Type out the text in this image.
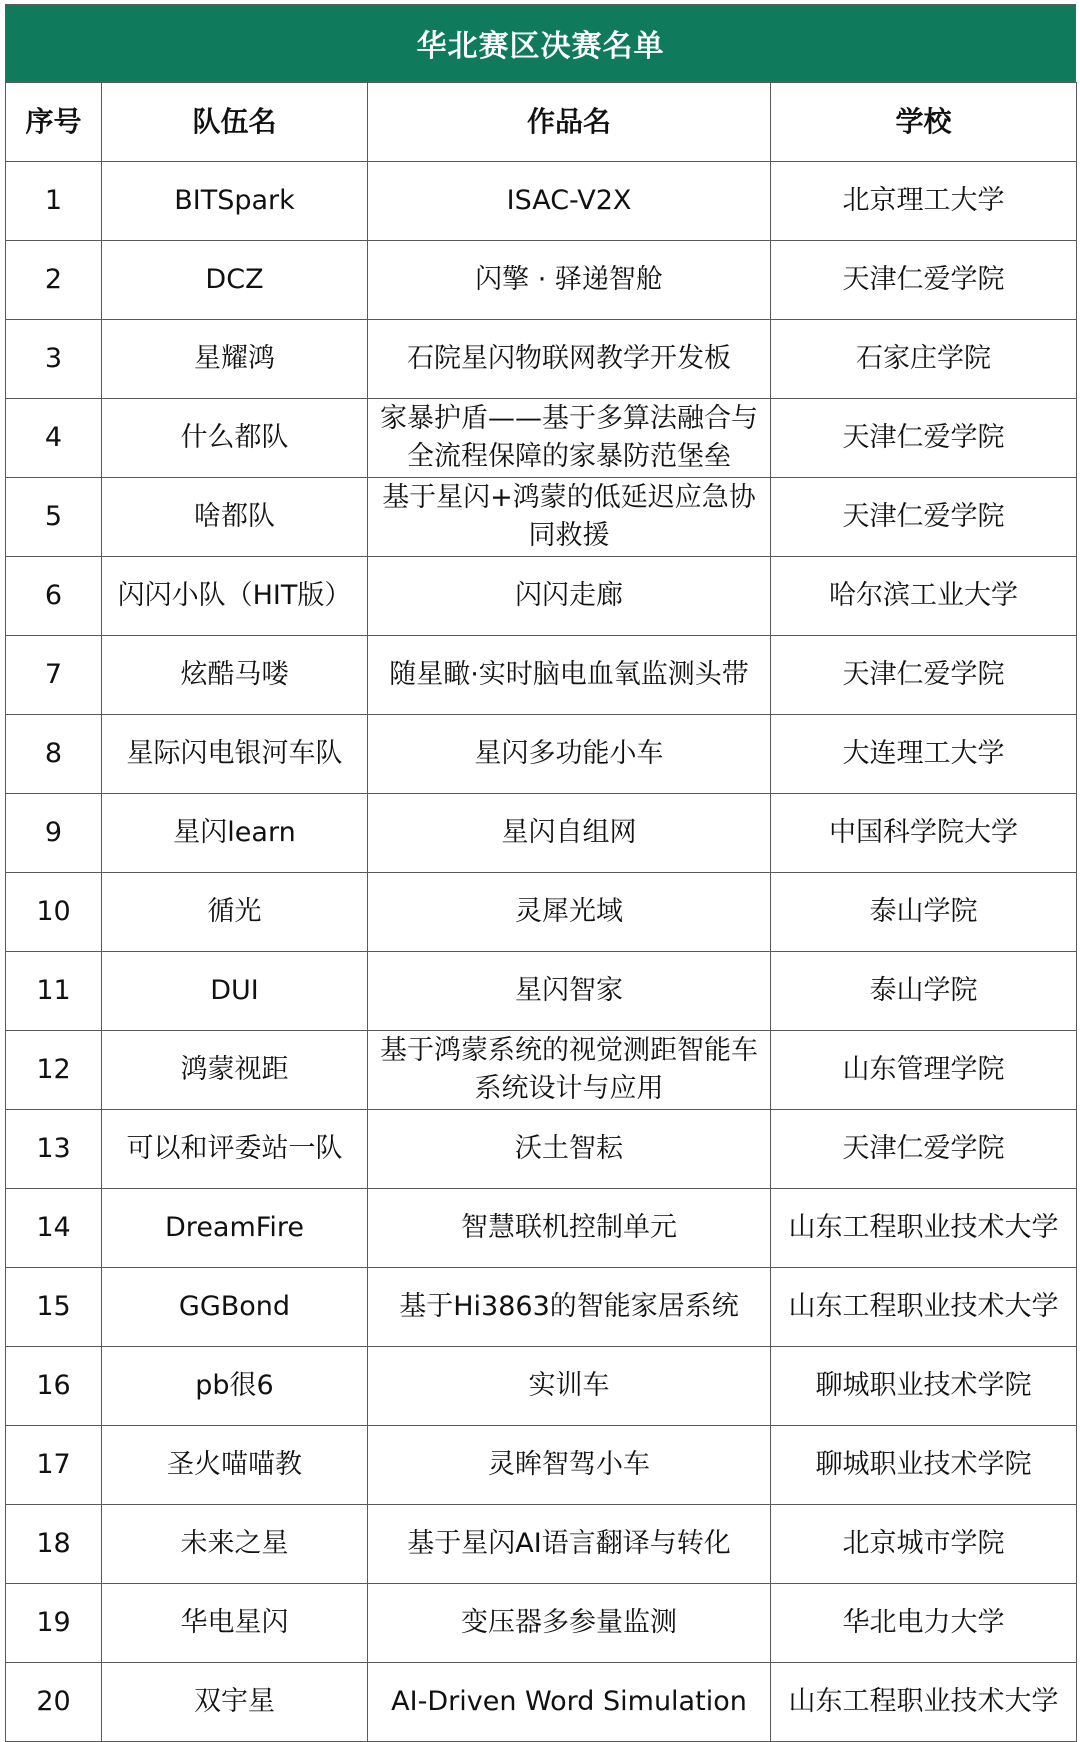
华北赛区决赛名单
序号	队伍名	作品名	学校
1	BITSpark	ISAC-V2X	北京理工大学
2	DCZ	闪擎 · 驿递智舱	天津仁爱学院
3	星耀鸿	石院星闪物联网教学开发板	石家庄学院
4	什么都队	家暴护盾——基于多算法融合与全流程保障的家暴防范堡垒	天津仁爱学院
5	啥都队	基于星闪+鸿蒙的低延迟应急协同救援	天津仁爱学院
6	闪闪小队（HIT版）	闪闪走廊	哈尔滨工业大学
7	炫酷马喽	随星瞰·实时脑电血氧监测头带	天津仁爱学院
8	星际闪电银河车队	星闪多功能小车	大连理工大学
9	星闪learn	星闪自组网	中国科学院大学
10	循光	灵犀光域	泰山学院
11	DUI	星闪智家	泰山学院
12	鸿蒙视距	基于鸿蒙系统的视觉测距智能车系统设计与应用	山东管理学院
13	可以和评委站一队	沃土智耘	天津仁爱学院
14	DreamFire	智慧联机控制单元	山东工程职业技术大学
15	GGBond	基于Hi3863的智能家居系统	山东工程职业技术大学
16	pb很6	实训车	聊城职业技术学院
17	圣火喵喵教	灵眸智驾小车	聊城职业技术学院
18	未来之星	基于星闪AI语言翻译与转化	北京城市学院
19	华电星闪	变压器多参量监测	华北电力大学
20	双宇星	AI-Driven Word Simulation	山东工程职业技术大学
